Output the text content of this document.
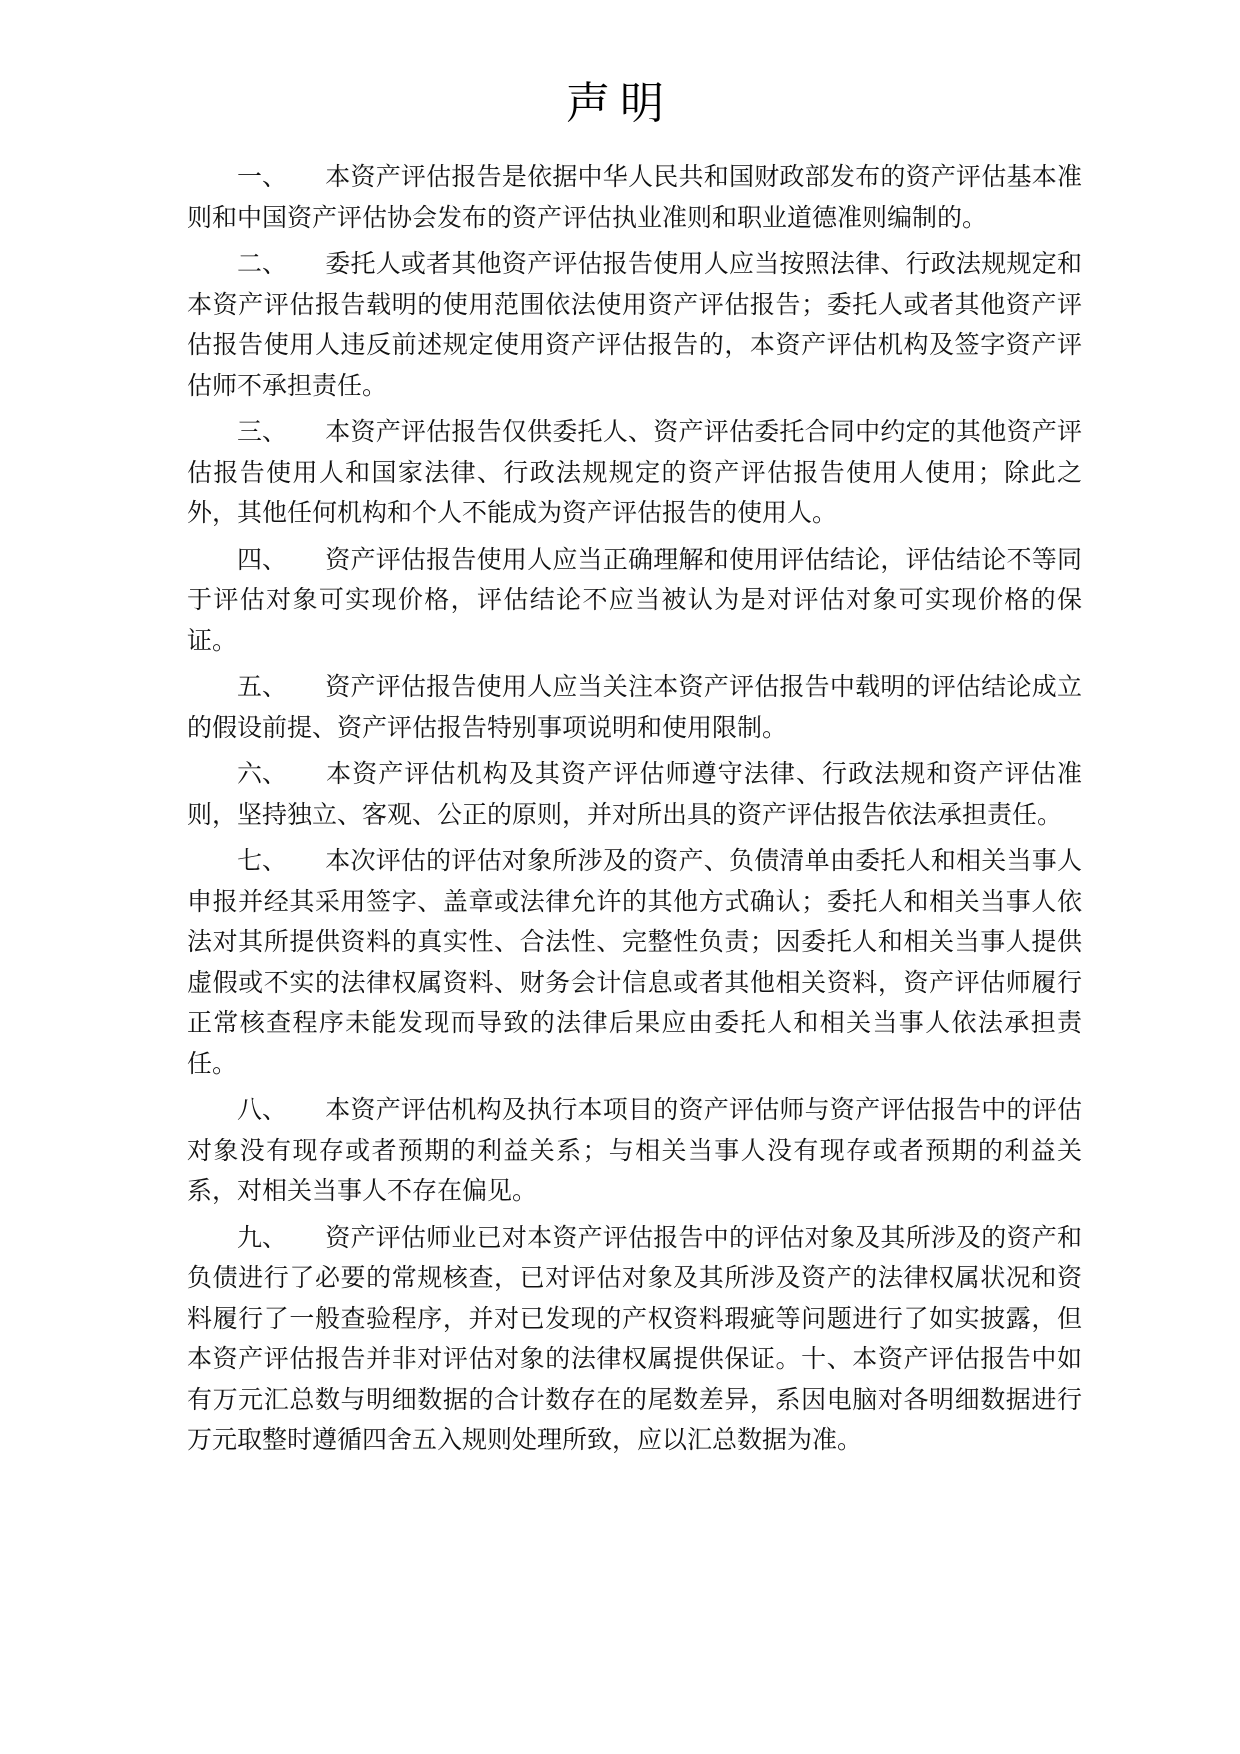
声明

一、 本资产评估报告是依据中华人民共和国财政部发布的资产评估基本准则和中国资产评估协会发布的资产评估执业准则和职业道德准则编制的。

二、 委托人或者其他资产评估报告使用人应当按照法律、行政法规规定和本资产评估报告载明的使用范围依法使用资产评估报告；委托人或者其他资产评估报告使用人违反前述规定使用资产评估报告的，本资产评估机构及签字资产评估师不承担责任。

三、 本资产评估报告仅供委托人、资产评估委托合同中约定的其他资产评估报告使用人和国家法律、行政法规规定的资产评估报告使用人使用；除此之外，其他任何机构和个人不能成为资产评估报告的使用人。

四、 资产评估报告使用人应当正确理解和使用评估结论，评估结论不等同于评估对象可实现价格，评估结论不应当被认为是对评估对象可实现价格的保证。

五、 资产评估报告使用人应当关注本资产评估报告中载明的评估结论成立的假设前提、资产评估报告特别事项说明和使用限制。

六、 本资产评估机构及其资产评估师遵守法律、行政法规和资产评估准则，坚持独立、客观、公正的原则，并对所出具的资产评估报告依法承担责任。

七、 本次评估的评估对象所涉及的资产、负债清单由委托人和相关当事人申报并经其采用签字、盖章或法律允许的其他方式确认；委托人和相关当事人依法对其所提供资料的真实性、合法性、完整性负责；因委托人和相关当事人提供虚假或不实的法律权属资料、财务会计信息或者其他相关资料，资产评估师履行正常核查程序未能发现而导致的法律后果应由委托人和相关当事人依法承担责任。

八、 本资产评估机构及执行本项目的资产评估师与资产评估报告中的评估对象没有现存或者预期的利益关系；与相关当事人没有现存或者预期的利益关系，对相关当事人不存在偏见。

九、 资产评估师业已对本资产评估报告中的评估对象及其所涉及的资产和负债进行了必要的常规核查，已对评估对象及其所涉及资产的法律权属状况和资料履行了一般查验程序，并对已发现的产权资料瑕疵等问题进行了如实披露，但本资产评估报告并非对评估对象的法律权属提供保证。十、本资产评估报告中如有万元汇总数与明细数据的合计数存在的尾数差异，系因电脑对各明细数据进行万元取整时遵循四舍五入规则处理所致，应以汇总数据为准。
